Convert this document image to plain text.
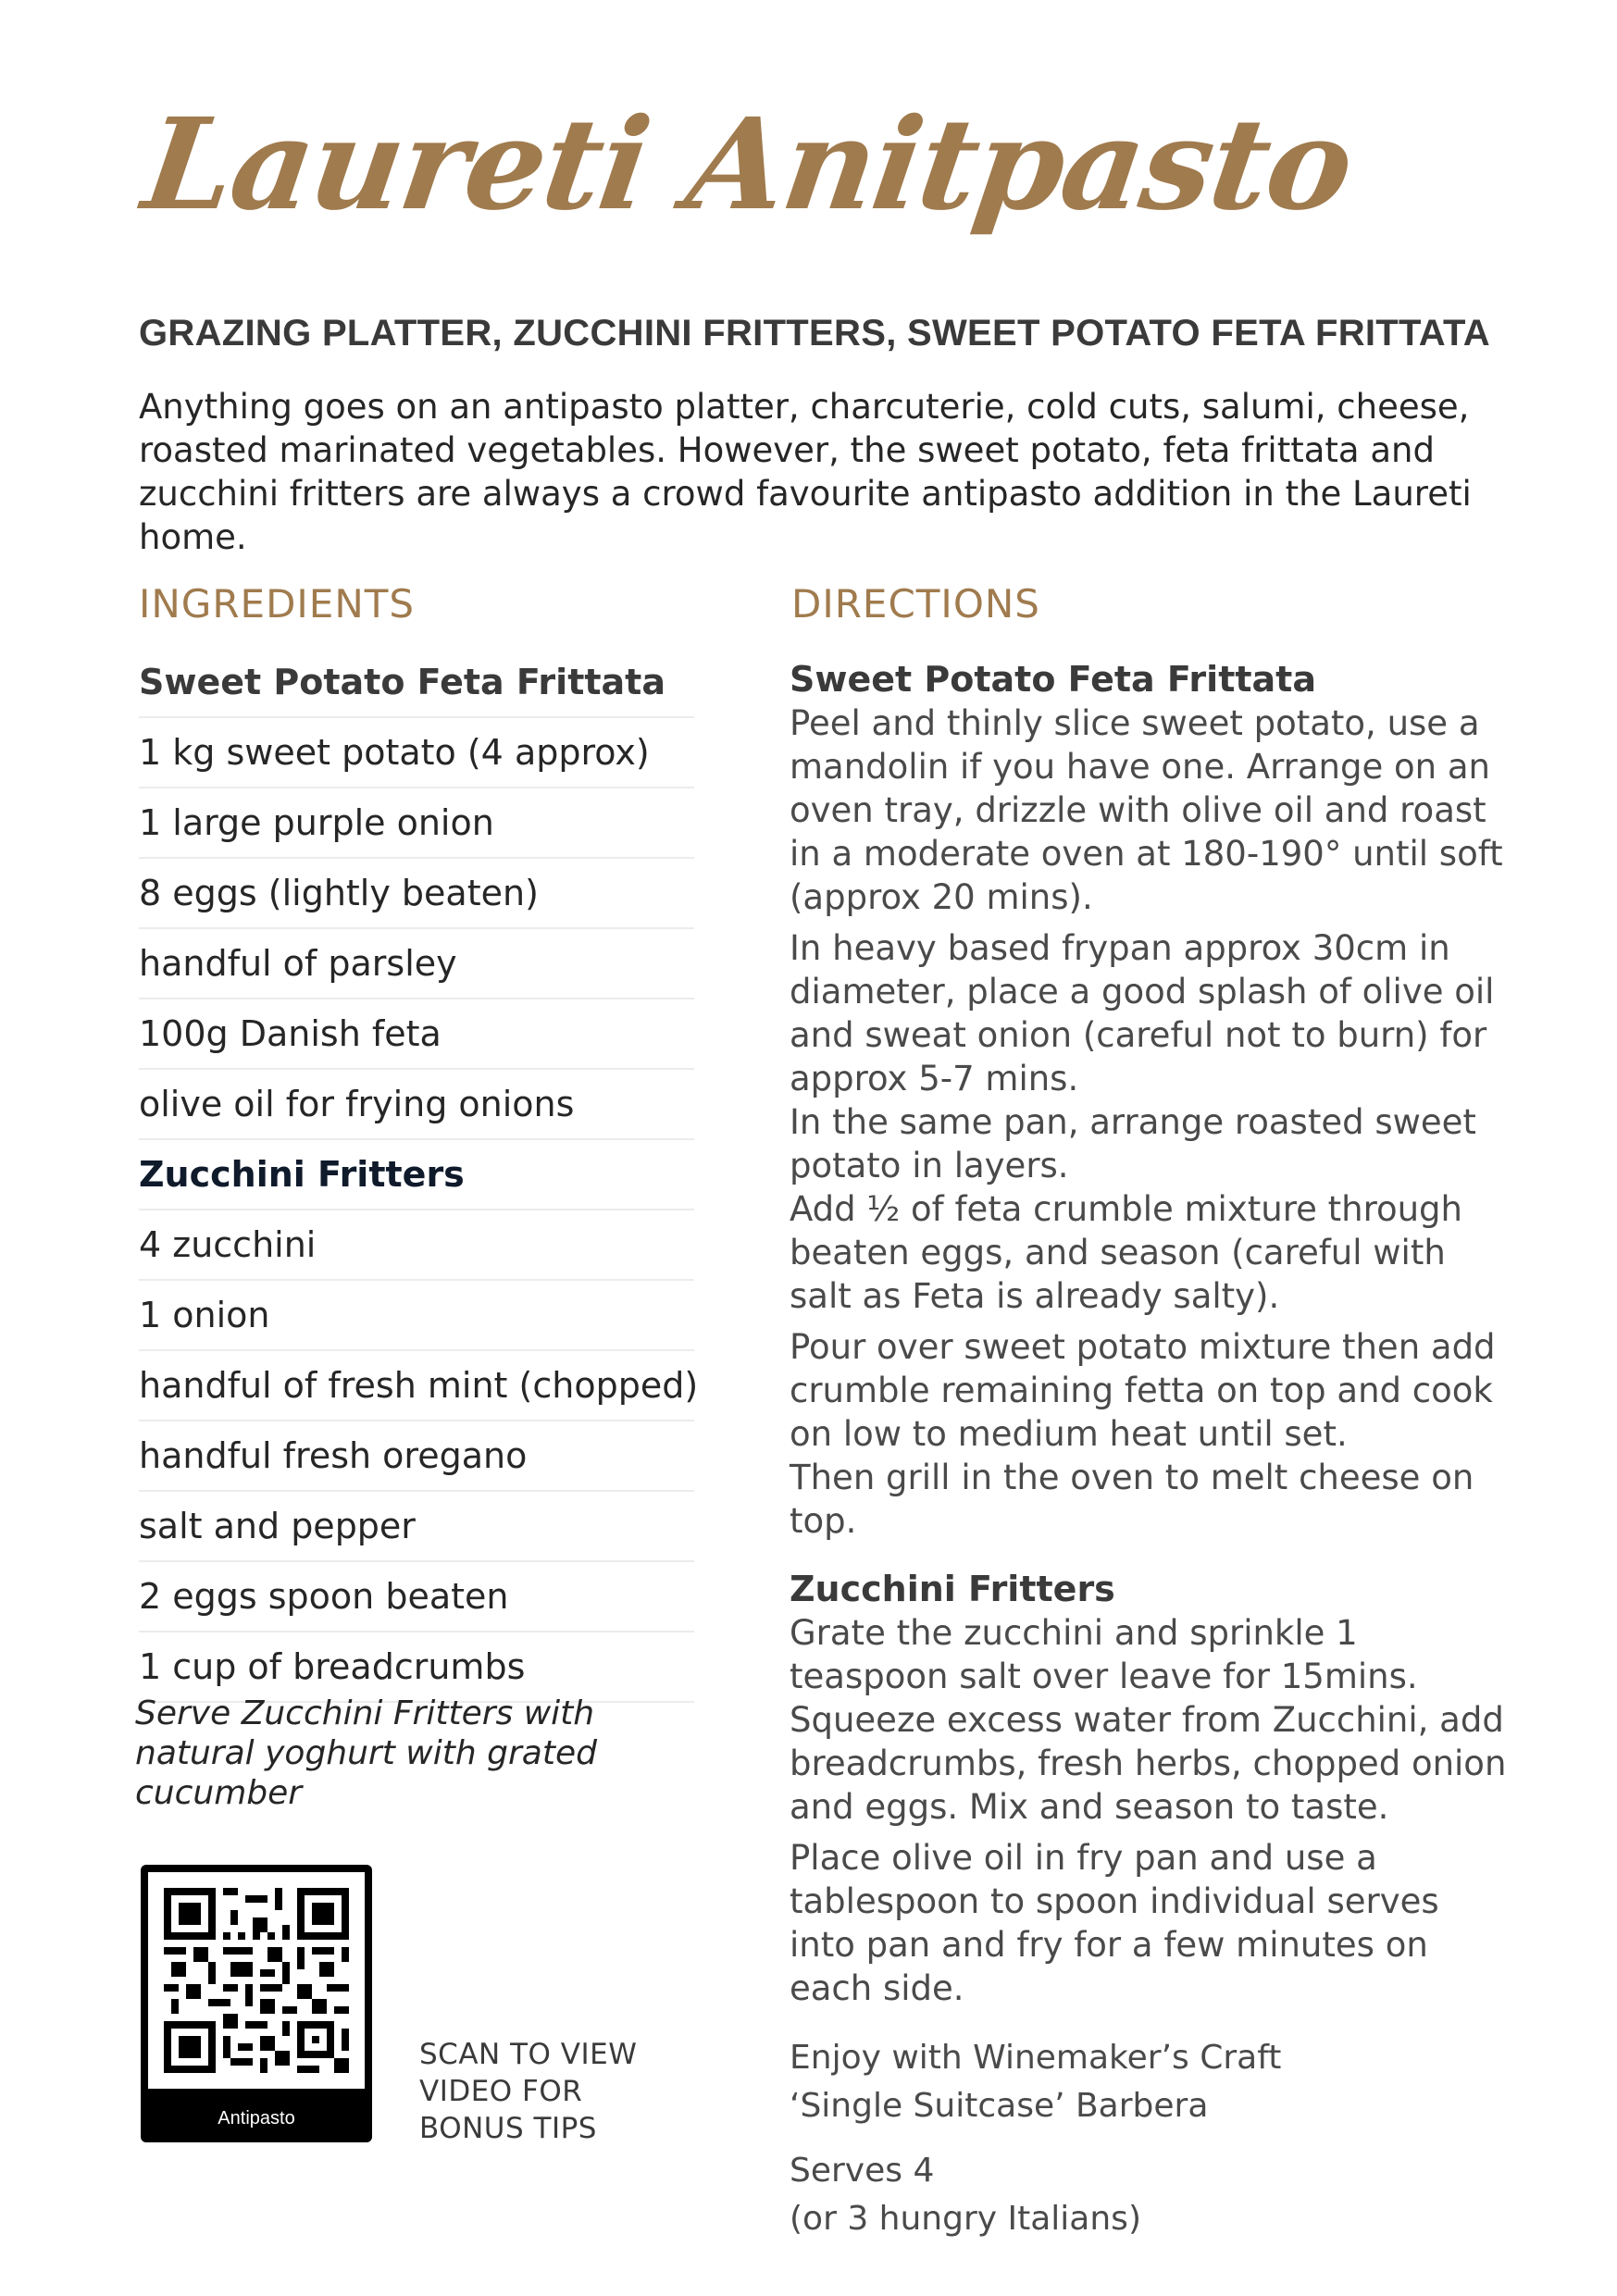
Laureti Anitpasto

GRAZING PLATTER, ZUCCHINI FRITTERS, SWEET POTATO FETA FRITTATA

Anything goes on an antipasto platter, charcuterie, cold cuts, salumi, cheese, roasted marinated vegetables. However, the sweet potato, feta frittata and zucchini fritters are always a crowd favourite antipasto addition in the Laureti home.

INGREDIENTS	DIRECTIONS
Sweet Potato Feta Frittata
1 kg sweet potato (4 approx)
1 large purple onion
8 eggs (lightly beaten)
handful of parsley
100g Danish feta
olive oil for frying onions
Zucchini Fritters
4 zucchini
1 onion
handful of fresh mint (chopped)
handful fresh oregano
salt and pepper
2 eggs spoon beaten
1 cup of breadcrumbs

Serve Zucchini Fritters with natural yoghurt with grated cucumber

Antipasto

SCAN TO VIEW
VIDEO FOR
BONUS TIPS

Sweet Potato Feta Frittata

Peel and thinly slice sweet potato, use a mandolin if you have one. Arrange on an oven tray, drizzle with olive oil and roast in a moderate oven at 180-190° until soft (approx 20 mins).

In heavy based frypan approx 30cm in diameter, place a good splash of olive oil and sweat onion (careful not to burn) for approx 5-7 mins.

In the same pan, arrange roasted sweet potato in layers.

Add ½ of feta crumble mixture through beaten eggs, and season (careful with salt as Feta is already salty).

Pour over sweet potato mixture then add crumble remaining fetta on top and cook on low to medium heat until set.

Then grill in the oven to melt cheese on top.

Zucchini Fritters

Grate the zucchini and sprinkle 1 teaspoon salt over leave for 15mins.

Squeeze excess water from Zucchini, add breadcrumbs, fresh herbs, chopped onion and eggs. Mix and season to taste.

Place olive oil in fry pan and use a tablespoon to spoon individual serves into pan and fry for a few minutes on each side.

Enjoy with Winemaker’s Craft

‘Single Suitcase’ Barbera

Serves 4

(or 3 hungry Italians)
